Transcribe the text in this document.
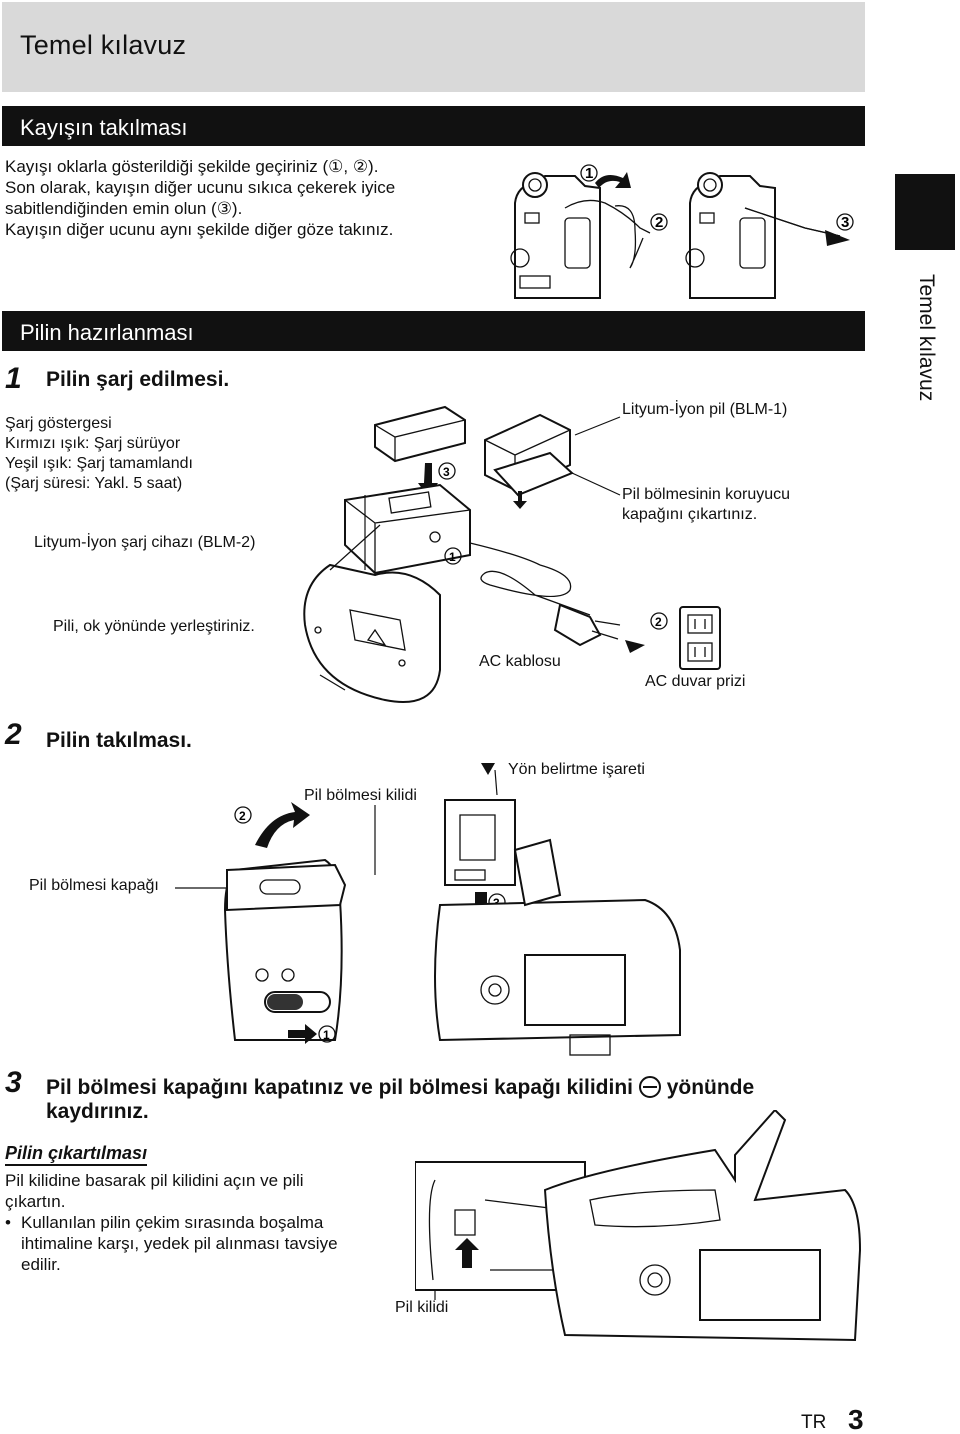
Temel kılavuz
Temel kılavuz
Kayışın takılması
Kayışı oklarla gösterildiği şekilde geçiriniz (①, ②).
Son olarak, kayışın diğer ucunu sıkıca çekerek iyice
sabitlendiğinden emin olun (③).
Kayışın diğer ucunu aynı şekilde diğer göze takınız.
1
2	3
Pilin hazırlanması
1 Pilin şarj edilmesi.
Şarj göstergesi
Kırmızı ışık: Şarj sürüyor
Yeşil ışık: Şarj tamamlandı
(Şarj süresi: Yakl. 5 saat)
Lityum-İyon şarj cihazı (BLM-2)
Lityum-İyon pil (BLM-1)
Pil bölmesinin koruyucu
kapağını çıkartınız.
Pili, ok yönünde yerleştiriniz.
AC kablosu
AC duvar prizi
3
1
2
2 Pilin takılması.
Pil bölmesi kilidi
Yön belirtme işareti
Pil bölmesi kapağı
2
1
3 Pil bölmesi kapağını kapatınız ve pil bölmesi kapağı kilidini yönünde
kaydırınız.
Pilin çıkartılması
Pil kilidine basarak pil kilidini açın ve pili
çıkartın.
• Kullanılan pilin çekim sırasında boşalma
ihtimaline karşı, yedek pil alınması tavsiye
edilir.
Pil kilidi
TR 3
